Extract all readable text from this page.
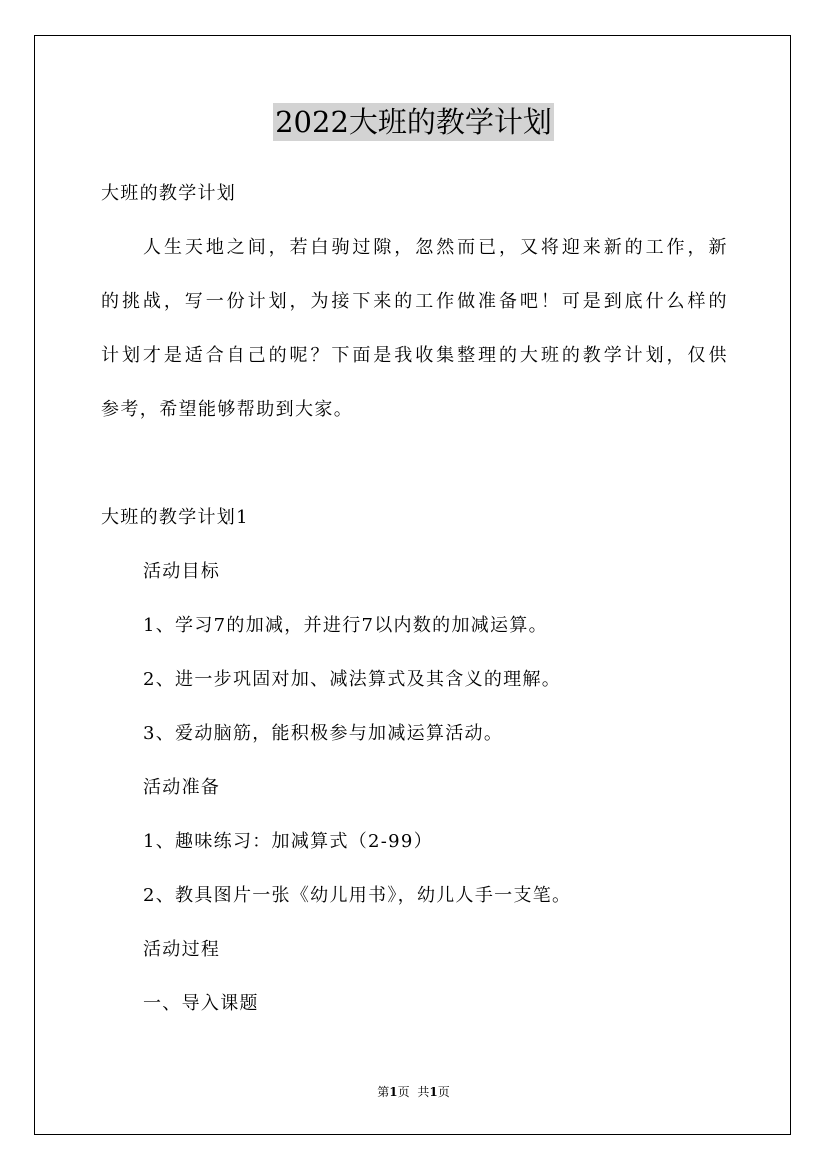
2022大班的教学计划
大班的教学计划
人生天地之间，若白驹过隙，忽然而已，又将迎来新的工作，新
的挑战，写一份计划，为接下来的工作做准备吧！可是到底什么样的
计划才是适合自己的呢？下面是我收集整理的大班的教学计划，仅供
参考，希望能够帮助到大家。
大班的教学计划1
活动目标
1、学习7的加减，并进行7以内数的加减运算。
2、进一步巩固对加、减法算式及其含义的理解。
3、爱动脑筋，能积极参与加减运算活动。
活动准备
1、趣味练习：加减算式（2-99）
2、教具图片一张《幼儿用书》，幼儿人手一支笔。
活动过程
一、导入课题
第1页 共1页
